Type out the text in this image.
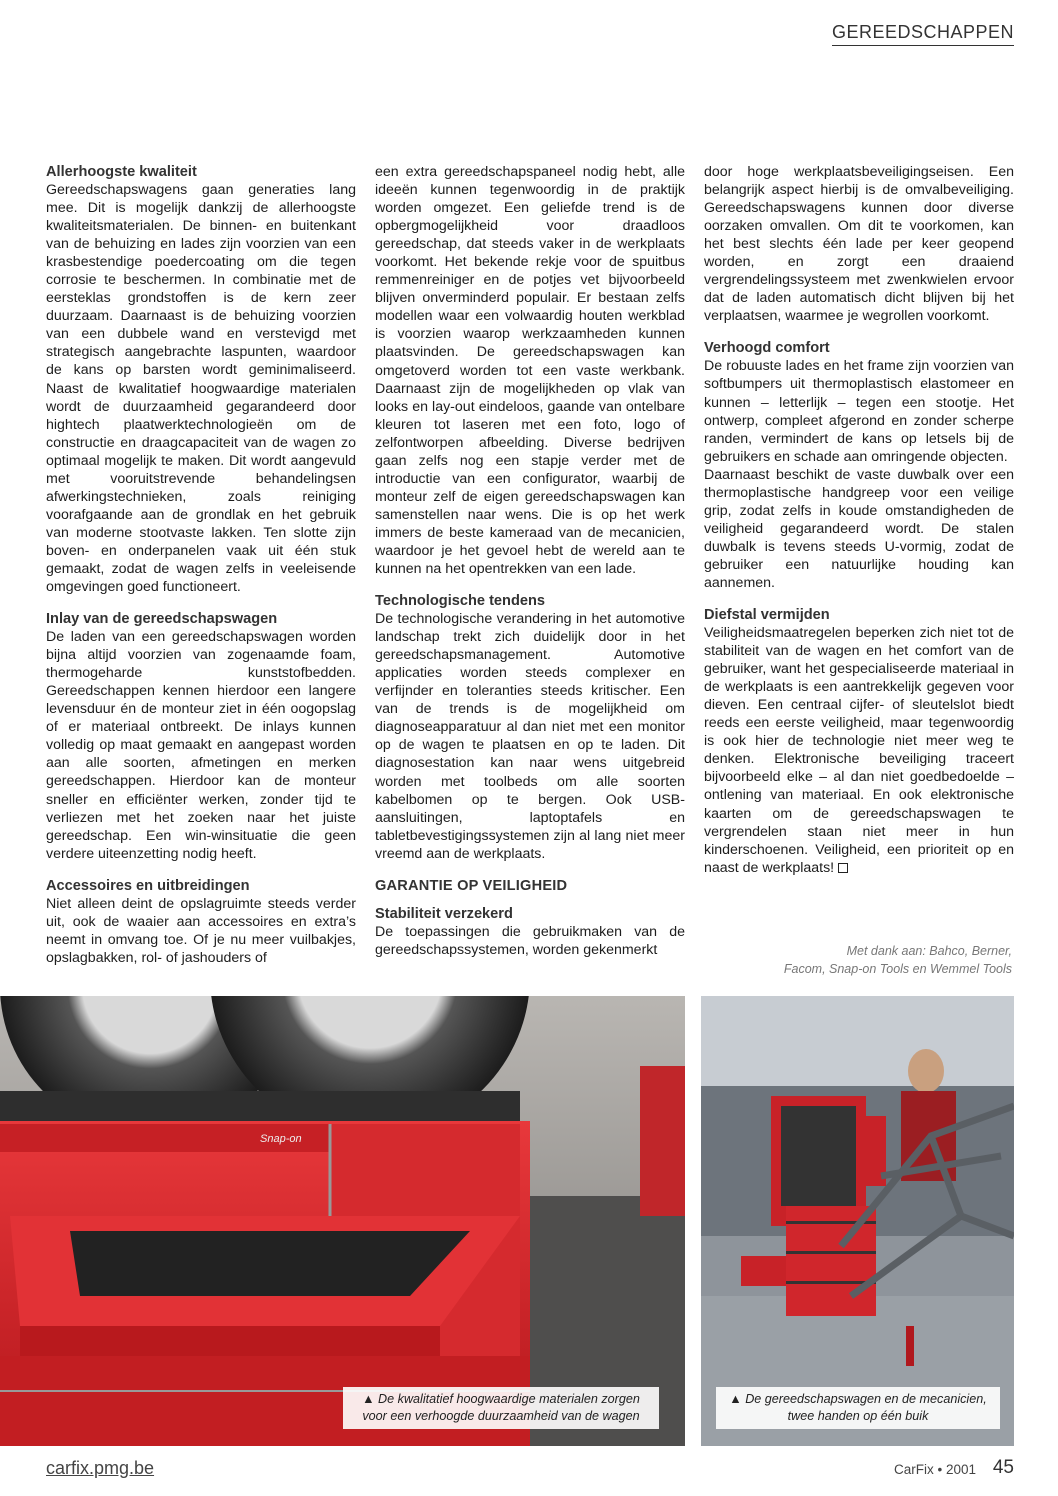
GEREEDSCHAPPEN
Allerhoogste kwaliteit

Gereedschapswagens gaan generaties lang mee. Dit is mogelijk dankzij de allerhoogste kwaliteitsmaterialen. De binnen- en buitenkant van de behuizing en lades zijn voorzien van een krasbestendige poedercoating om die tegen corrosie te beschermen. In combinatie met de eersteklas grondstoffen is de kern zeer duurzaam. Daarnaast is de behuizing voorzien van een dubbele wand en verstevigd met strategisch aangebrachte laspunten, waardoor de kans op barsten wordt geminimaliseerd. Naast de kwalitatief hoogwaardige materialen wordt de duurzaamheid gegarandeerd door hightech plaatwerktechnologieën om de constructie en draagcapaciteit van de wagen zo optimaal mogelijk te maken. Dit wordt aangevuld met vooruitstrevende behandelingsen afwerkingstechnieken, zoals reiniging voorafgaande aan de grondlak en het gebruik van moderne stootvaste lakken. Ten slotte zijn boven- en onderpanelen vaak uit één stuk gemaakt, zodat de wagen zelfs in veeleisende omgevingen goed functioneert.

Inlay van de gereedschapswagen

De laden van een gereedschapswagen worden bijna altijd voorzien van zogenaamde foam, thermogeharde kunststofbedden. Gereedschappen kennen hierdoor een langere levensduur én de monteur ziet in één oogopslag of er materiaal ontbreekt. De inlays kunnen volledig op maat gemaakt en aangepast worden aan alle soorten, afmetingen en merken gereedschappen. Hierdoor kan de monteur sneller en efficiënter werken, zonder tijd te verliezen met het zoeken naar het juiste gereedschap. Een win-winsituatie die geen verdere uiteenzetting nodig heeft.

Accessoires en uitbreidingen

Niet alleen deint de opslagruimte steeds verder uit, ook de waaier aan accessoires en extra’s neemt in omvang toe. Of je nu meer vuilbakjes, opslagbakken, rol- of jashouders of

een extra gereedschapspaneel nodig hebt, alle ideeën kunnen tegenwoordig in de praktijk worden omgezet. Een geliefde trend is de opbergmogelijkheid voor draadloos gereedschap, dat steeds vaker in de werkplaats voorkomt. Het bekende rekje voor de spuitbus remmenreiniger en de potjes vet bijvoorbeeld blijven onverminderd populair. Er bestaan zelfs modellen waar een volwaardig houten werkblad is voorzien waarop werkzaamheden kunnen plaatsvinden. De gereedschapswagen kan omgetoverd worden tot een vaste werkbank. Daarnaast zijn de mogelijkheden op vlak van looks en lay-out eindeloos, gaande van ontelbare kleuren tot laseren met een foto, logo of zelfontworpen afbeelding. Diverse bedrijven gaan zelfs nog een stapje verder met de introductie van een configurator, waarbij de monteur zelf de eigen gereedschapswagen kan samenstellen naar wens. Die is op het werk immers de beste kameraad van de mecanicien, waardoor je het gevoel hebt de wereld aan te kunnen na het opentrekken van een lade.

Technologische tendens

De technologische verandering in het automotive landschap trekt zich duidelijk door in het gereedschapsmanagement. Automotive applicaties worden steeds complexer en verfijnder en toleranties steeds kritischer. Een van de trends is de mogelijkheid om diagnoseapparatuur al dan niet met een monitor op de wagen te plaatsen en op te laden. Dit diagnosestation kan naar wens uitgebreid worden met toolbeds om alle soorten kabelbomen op te bergen. Ook USB-aansluitingen, laptoptafels en tabletbevestigingssystemen zijn al lang niet meer vreemd aan de werkplaats.

GARANTIE OP VEILIGHEID
Stabiliteit verzekerd

De toepassingen die gebruikmaken van de gereedschapssystemen, worden gekenmerkt

door hoge werkplaatsbeveiligingseisen. Een belangrijk aspect hierbij is de omvalbeveiliging. Gereedschapswagens kunnen door diverse oorzaken omvallen. Om dit te voorkomen, kan het best slechts één lade per keer geopend worden, en zorgt een draaiend vergrendelingssysteem met zwenkwielen ervoor dat de laden automatisch dicht blijven bij het verplaatsen, waarmee je wegrollen voorkomt.

Verhoogd comfort

De robuuste lades en het frame zijn voorzien van softbumpers uit thermoplastisch elastomeer en kunnen – letterlijk – tegen een stootje. Het ontwerp, compleet afgerond en zonder scherpe randen, vermindert de kans op letsels bij de gebruikers en schade aan omringende objecten.

Daarnaast beschikt de vaste duwbalk over een thermoplastische handgreep voor een veilige grip, zodat zelfs in koude omstandigheden de veiligheid gegarandeerd wordt. De stalen duwbalk is tevens steeds U-vormig, zodat de gebruiker een natuurlijke houding kan aannemen.

Diefstal vermijden

Veiligheidsmaatregelen beperken zich niet tot de stabiliteit van de wagen en het comfort van de gebruiker, want het gespecialiseerde materiaal in de werkplaats is een aantrekkelijk gegeven voor dieven. Een centraal cijfer- of sleutelslot biedt reeds een eerste veiligheid, maar tegenwoordig is ook hier de technologie niet meer weg te denken. Elektronische beveiliging traceert bijvoorbeeld elke – al dan niet goedbedoelde – ontlening van materiaal. En ook elektronische kaarten om de gereedschapswagen te vergrendelen staan niet meer in hun kinderschoenen. Veiligheid, een prioriteit op en naast de werkplaats!

Met dank aan: Bahco, Berner,
Facom, Snap-on Tools en Wemmel Tools
Snap-on
▲ De kwalitatief hoogwaardige materialen zorgen voor een verhoogde duurzaamheid van de wagen
▲ De gereedschapswagen en de mecanicien, twee handen op één buik
carfix.pmg.be	CarFix • 2001 45
